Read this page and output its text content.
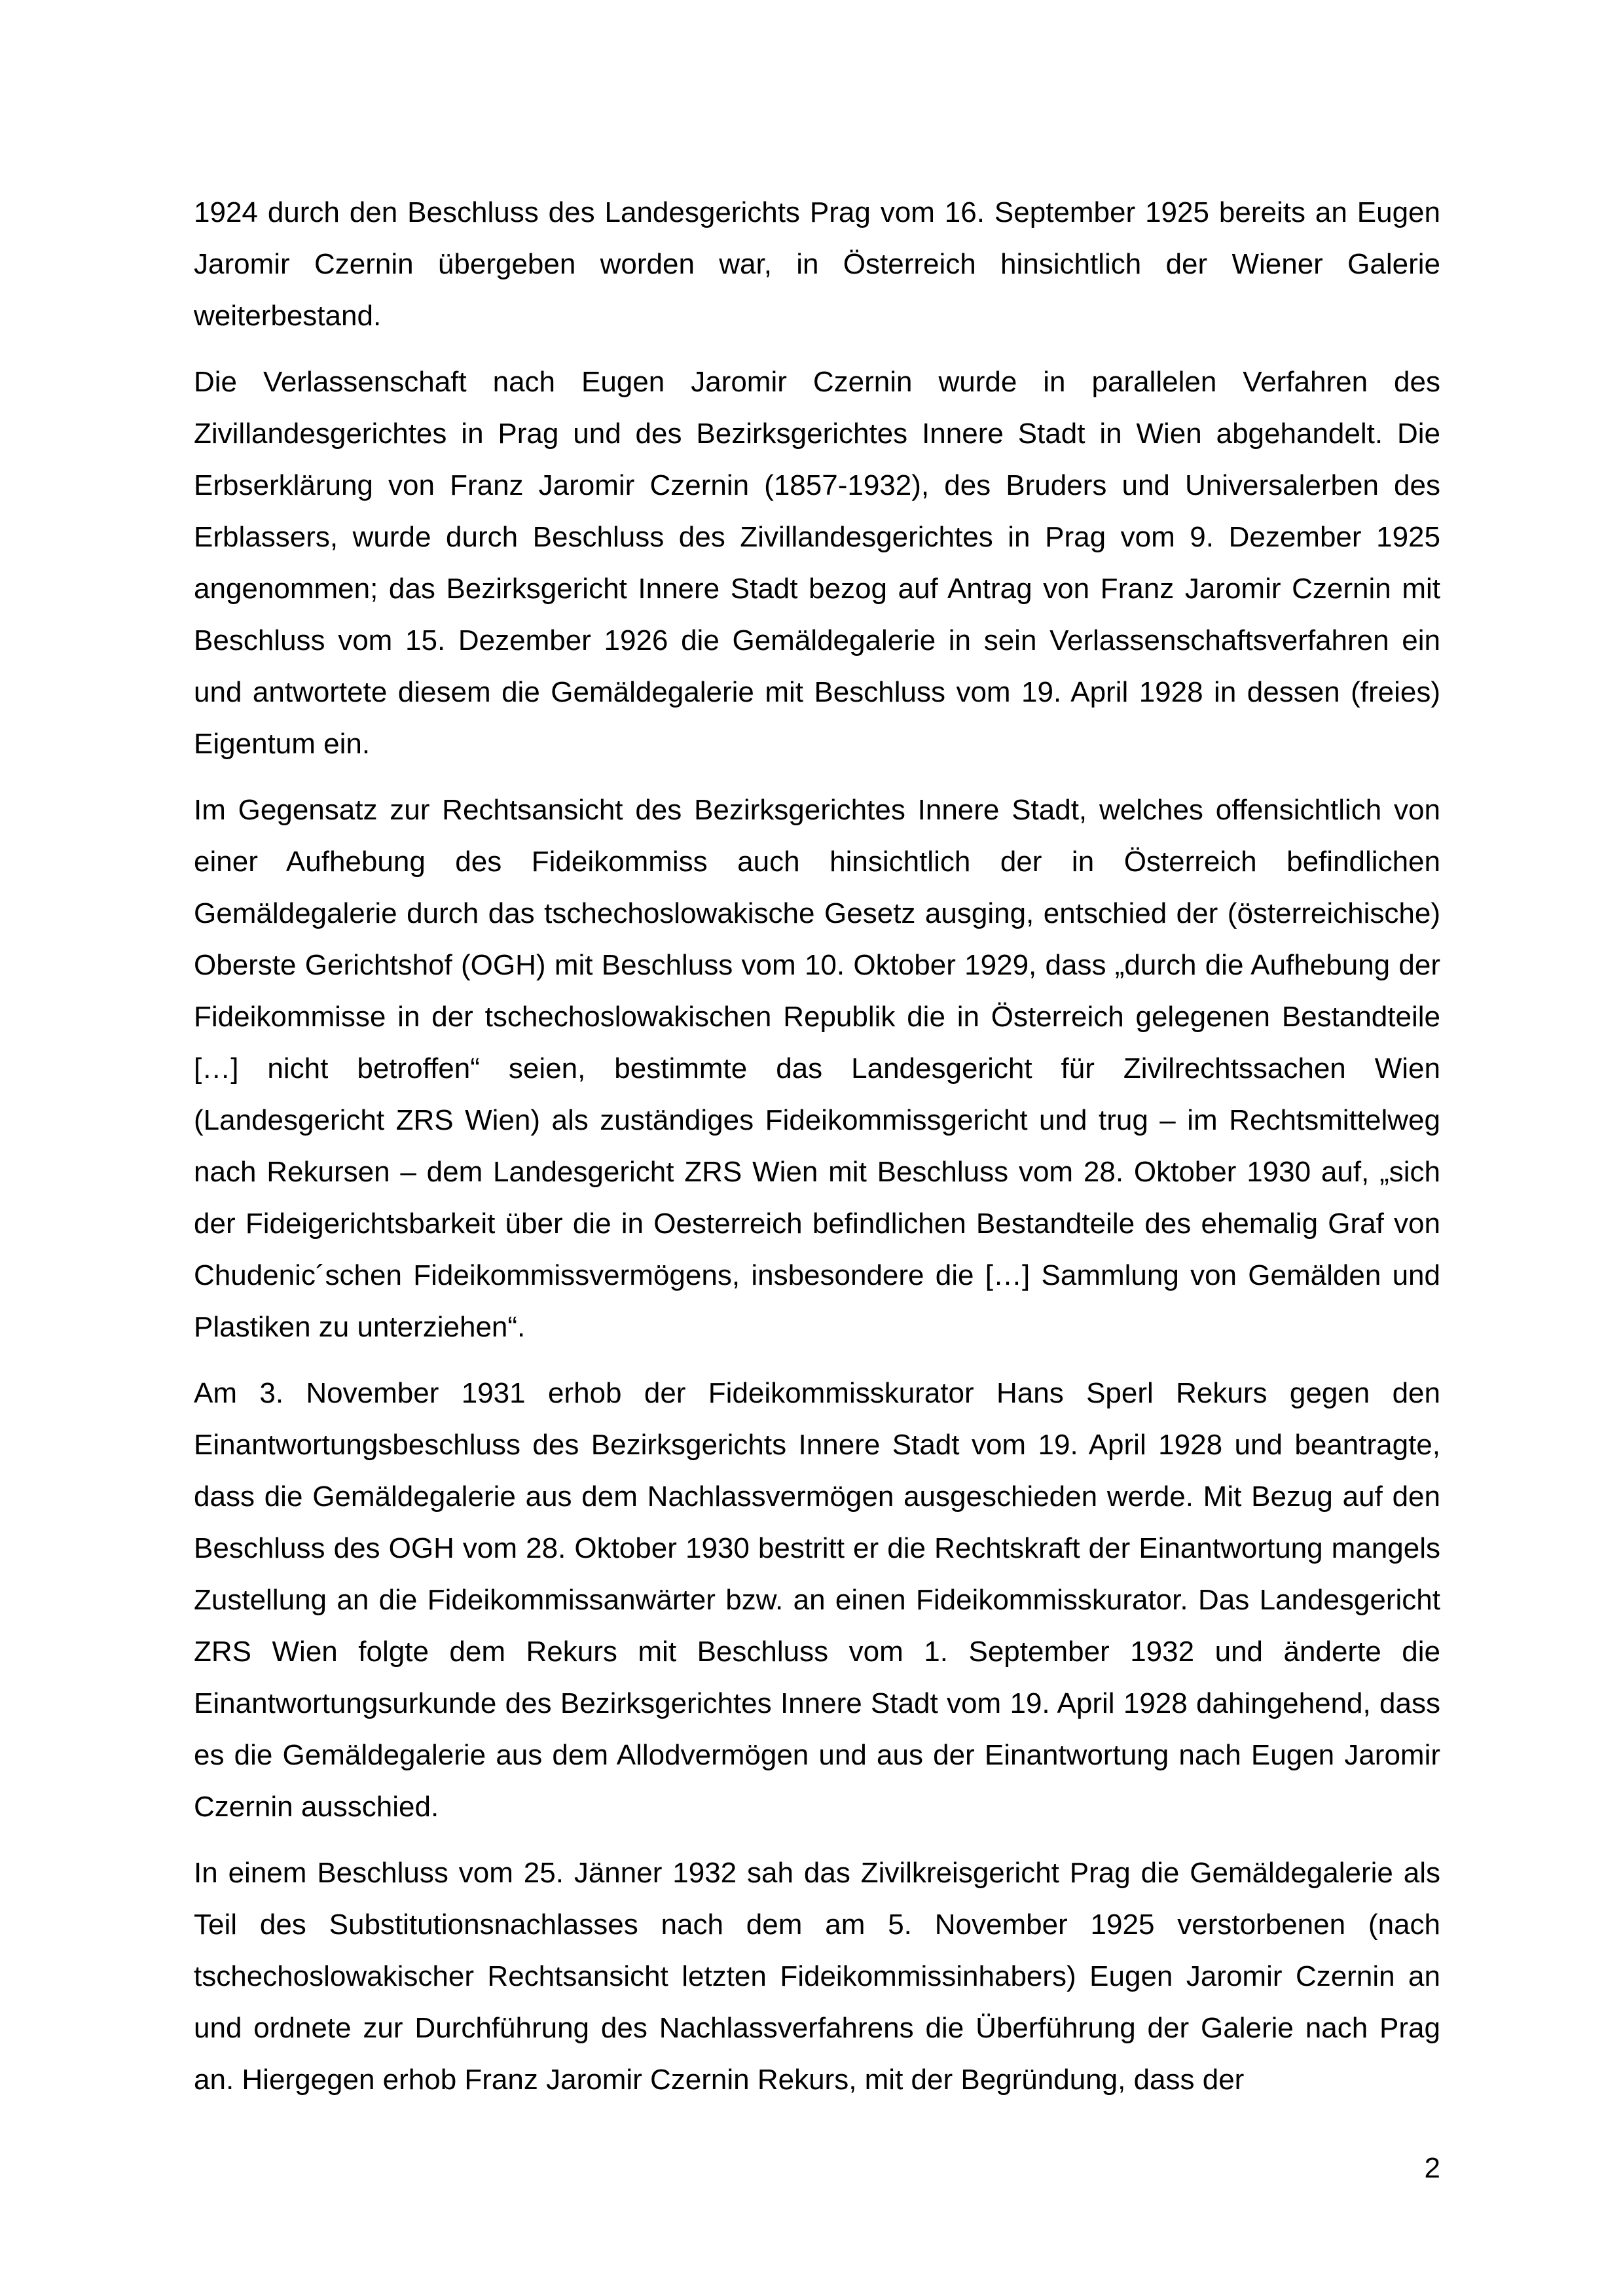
1924 durch den Beschluss des Landesgerichts Prag vom 16. September 1925 bereits an Eugen Jaromir Czernin übergeben worden war, in Österreich hinsichtlich der Wiener Galerie weiterbestand.

Die Verlassenschaft nach Eugen Jaromir Czernin wurde in parallelen Verfahren des Zivillandesgerichtes in Prag und des Bezirksgerichtes Innere Stadt in Wien abgehandelt. Die Erbserklärung von Franz Jaromir Czernin (1857-1932), des Bruders und Universalerben des Erblassers, wurde durch Beschluss des Zivillandesgerichtes in Prag vom 9. Dezember 1925 angenommen; das Bezirksgericht Innere Stadt bezog auf Antrag von Franz Jaromir Czernin mit Beschluss vom 15. Dezember 1926 die Gemäldegalerie in sein Verlassenschaftsverfahren ein und antwortete diesem die Gemäldegalerie mit Beschluss vom 19. April 1928 in dessen (freies) Eigentum ein.

Im Gegensatz zur Rechtsansicht des Bezirksgerichtes Innere Stadt, welches offensichtlich von einer Aufhebung des Fideikommiss auch hinsichtlich der in Österreich befindlichen Gemäldegalerie durch das tschechoslowakische Gesetz ausging, entschied der (österreichische) Oberste Gerichtshof (OGH) mit Beschluss vom 10. Oktober 1929, dass „durch die Aufhebung der Fideikommisse in der tschechoslowakischen Republik die in Österreich gelegenen Bestandteile […] nicht betroffen“ seien, bestimmte das Landesgericht für Zivilrechtssachen Wien (Landesgericht ZRS Wien) als zuständiges Fideikommissgericht und trug – im Rechtsmittelweg nach Rekursen – dem Landesgericht ZRS Wien mit Beschluss vom 28. Oktober 1930 auf, „sich der Fideigerichtsbarkeit über die in Oesterreich befindlichen Bestandteile des ehemalig Graf von Chudenic´schen Fideikommissvermögens, insbesondere die […] Sammlung von Gemälden und Plastiken zu unterziehen“.

Am 3. November 1931 erhob der Fideikommisskurator Hans Sperl Rekurs gegen den Einantwortungsbeschluss des Bezirksgerichts Innere Stadt vom 19. April 1928 und beantragte, dass die Gemäldegalerie aus dem Nachlassvermögen ausgeschieden werde. Mit Bezug auf den Beschluss des OGH vom 28. Oktober 1930 bestritt er die Rechtskraft der Einantwortung mangels Zustellung an die Fideikommissanwärter bzw. an einen Fideikommisskurator. Das Landesgericht ZRS Wien folgte dem Rekurs mit Beschluss vom 1. September 1932 und änderte die Einantwortungsurkunde des Bezirksgerichtes Innere Stadt vom 19. April 1928 dahingehend, dass es die Gemäldegalerie aus dem Allodvermögen und aus der Einantwortung nach Eugen Jaromir Czernin ausschied.

In einem Beschluss vom 25. Jänner 1932 sah das Zivilkreisgericht Prag die Gemäldegalerie als Teil des Substitutionsnachlasses nach dem am 5. November 1925 verstorbenen (nach tschechoslowakischer Rechtsansicht letzten Fideikommissinhabers) Eugen Jaromir Czernin an und ordnete zur Durchführung des Nachlassverfahrens die Überführung der Galerie nach Prag an. Hiergegen erhob Franz Jaromir Czernin Rekurs, mit der Begründung, dass der

2
